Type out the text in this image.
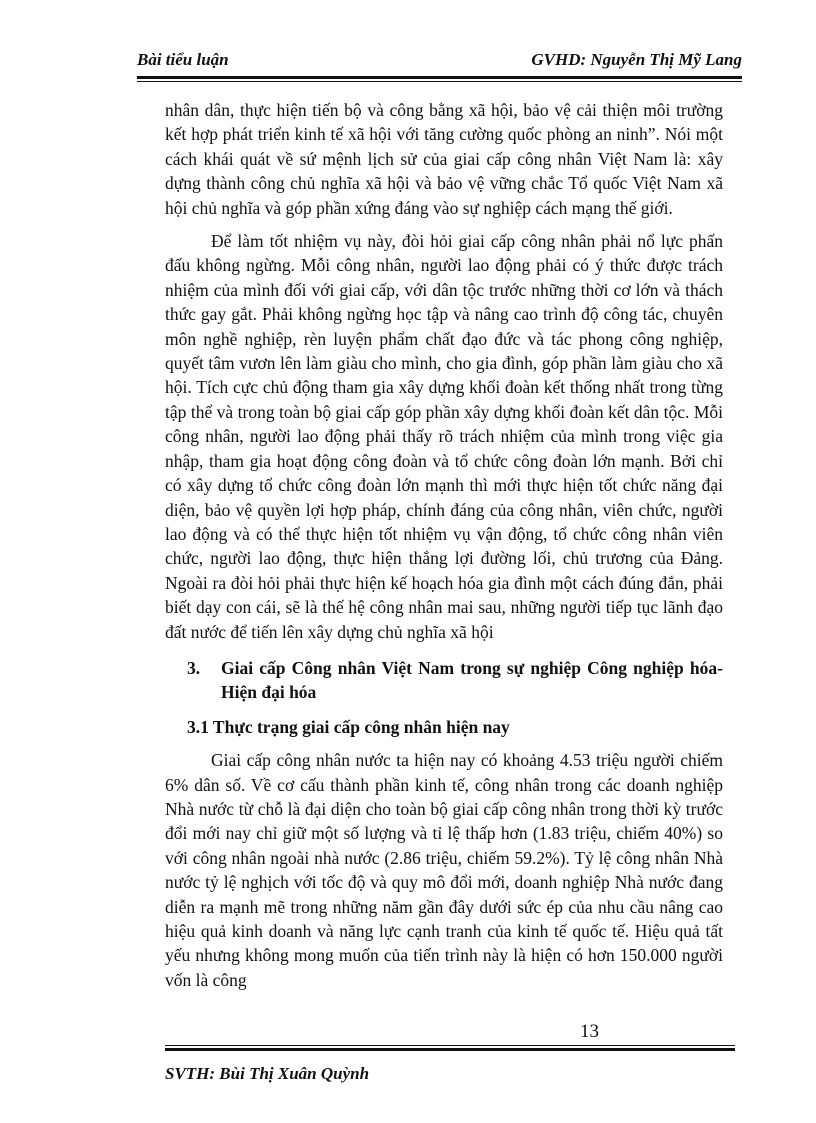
Bài tiểu luận	GVHD: Nguyễn Thị Mỹ Lang

nhân dân, thực hiện tiến bộ và công bằng xã hội, bảo vệ cải thiện môi trường kết hợp phát triển kinh tế xã hội với tăng cường quốc phòng an ninh”. Nói một cách khái quát về sứ mệnh lịch sử của giai cấp công nhân Việt Nam là: xây dựng thành công chủ nghĩa xã hội và bảo vệ vững chắc Tổ quốc Việt Nam xã hội chủ nghĩa và góp phần xứng đáng vào sự nghiệp cách mạng thế giới.

Để làm tốt nhiệm vụ này, đòi hỏi giai cấp công nhân phải nổ lực phấn đấu không ngừng. Mỗi công nhân, người lao động phải có ý thức được trách nhiệm của mình đối với giai cấp, với dân tộc trước những thời cơ lớn và thách thức gay gắt. Phải không ngừng học tập và nâng cao trình độ công tác, chuyên môn nghề nghiệp, rèn luyện phẩm chất đạo đức và tác phong công nghiệp, quyết tâm vươn lên làm giàu cho mình, cho gia đình, góp phần làm giàu cho xã hội. Tích cực chủ động tham gia xây dựng khối đoàn kết thống nhất trong từng tập thể và trong toàn bộ giai cấp góp phần xây dựng khối đoàn kết dân tộc. Mỗi công nhân, người lao động phải thấy rõ trách nhiệm của mình trong việc gia nhập, tham gia hoạt động công đoàn và tổ chức công đoàn lớn mạnh. Bởi chỉ có xây dựng tổ chức công đoàn lớn mạnh thì mới thực hiện tốt chức năng đại diện, bảo vệ quyền lợi hợp pháp, chính đáng của công nhân, viên chức, người lao động và có thể thực hiện tốt nhiệm vụ vận động, tổ chức công nhân viên chức, người lao động, thực hiện thắng lợi đường lối, chủ trương của Đảng. Ngoài ra đòi hỏi phải thực hiện kế hoạch hóa gia đình một cách đúng đắn, phải biết dạy con cái, sẽ là thế hệ công nhân mai sau, những người tiếp tục lãnh đạo đất nước để tiến lên xây dựng chủ nghĩa xã hội

3.	Giai cấp Công nhân Việt Nam trong sự nghiệp Công nghiệp hóa- Hiện đại hóa
3.1 Thực trạng giai cấp công nhân hiện nay

Giai cấp công nhân nước ta hiện nay có khoảng 4.53 triệu người chiếm 6% dân số. Về cơ cấu thành phần kinh tế, công nhân trong các doanh nghiệp Nhà nước từ chỗ là đại diện cho toàn bộ giai cấp công nhân trong thời kỳ trước đổi mới nay chỉ giữ một số lượng và tỉ lệ thấp hơn (1.83 triệu, chiếm 40%) so với công nhân ngoài nhà nước (2.86 triệu, chiếm 59.2%). Tỷ lệ công nhân Nhà nước tỷ lệ nghịch với tốc độ và quy mô đổi mới, doanh nghiệp Nhà nước đang diễn ra mạnh mẽ trong những năm gần đây dưới sức ép của nhu cầu nâng cao hiệu quả kinh doanh và năng lực cạnh tranh của kinh tế quốc tế. Hiệu quả tất yếu nhưng không mong muốn của tiến trình này là hiện có hơn 150.000 người vốn là công

13
SVTH: Bùi Thị Xuân Quỳnh
